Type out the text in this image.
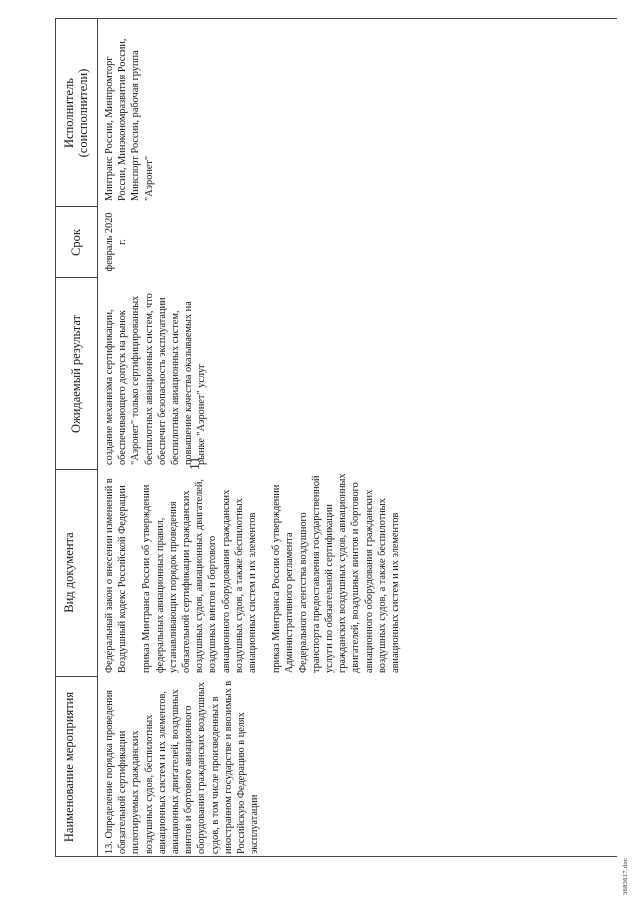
11
Наименование мероприятия
Вид документа
Ожидаемый результат
Срок
Исполнитель (соисполнители)
13. Определение порядка проведения обязательной сертификации пилотируемых гражданских воздушных судов, беспилотных авиационных систем и их элементов, авиационных двигателей, воздушных винтов и бортового авиационного оборудования гражданских воздушных судов, в том числе произведенных в иностранном государстве и ввозимых в Российскую Федерацию в целях эксплуатации

Федеральный закон о внесении изменений в Воздушный кодекс Российской Федерации приказ Минтранса России об утверждении федеральных авиационных правил, устанавливающих порядок проведения обязательной сертификации гражданских воздушных судов, авиационных двигателей, воздушных винтов и бортового авиационного оборудования гражданских воздушных судов, а также беспилотных авиационных систем и их элементов приказ Минтранса России об утверждении Административного регламента Федерального агентства воздушного транспорта предоставления государственной услуги по обязательной сертификации гражданских воздушных судов, авиационных двигателей, воздушных винтов и бортового авиационного оборудования гражданских воздушных судов, а также беспилотных авиационных систем и их элементов

создание механизма сертификации, обеспечивающего допуск на рынок "Аэронет" только сертифицированных беспилотных авиационных систем, что обеспечит безопасность эксплуатации беспилотных авиационных систем, повышение качества оказываемых на рынке "Аэронет" услуг
февраль 2020 г.
Минтранс России, Минпромторг России, Минэкономразвития России, Минспорт России, рабочая группа "Аэронет"
3683617.doc
